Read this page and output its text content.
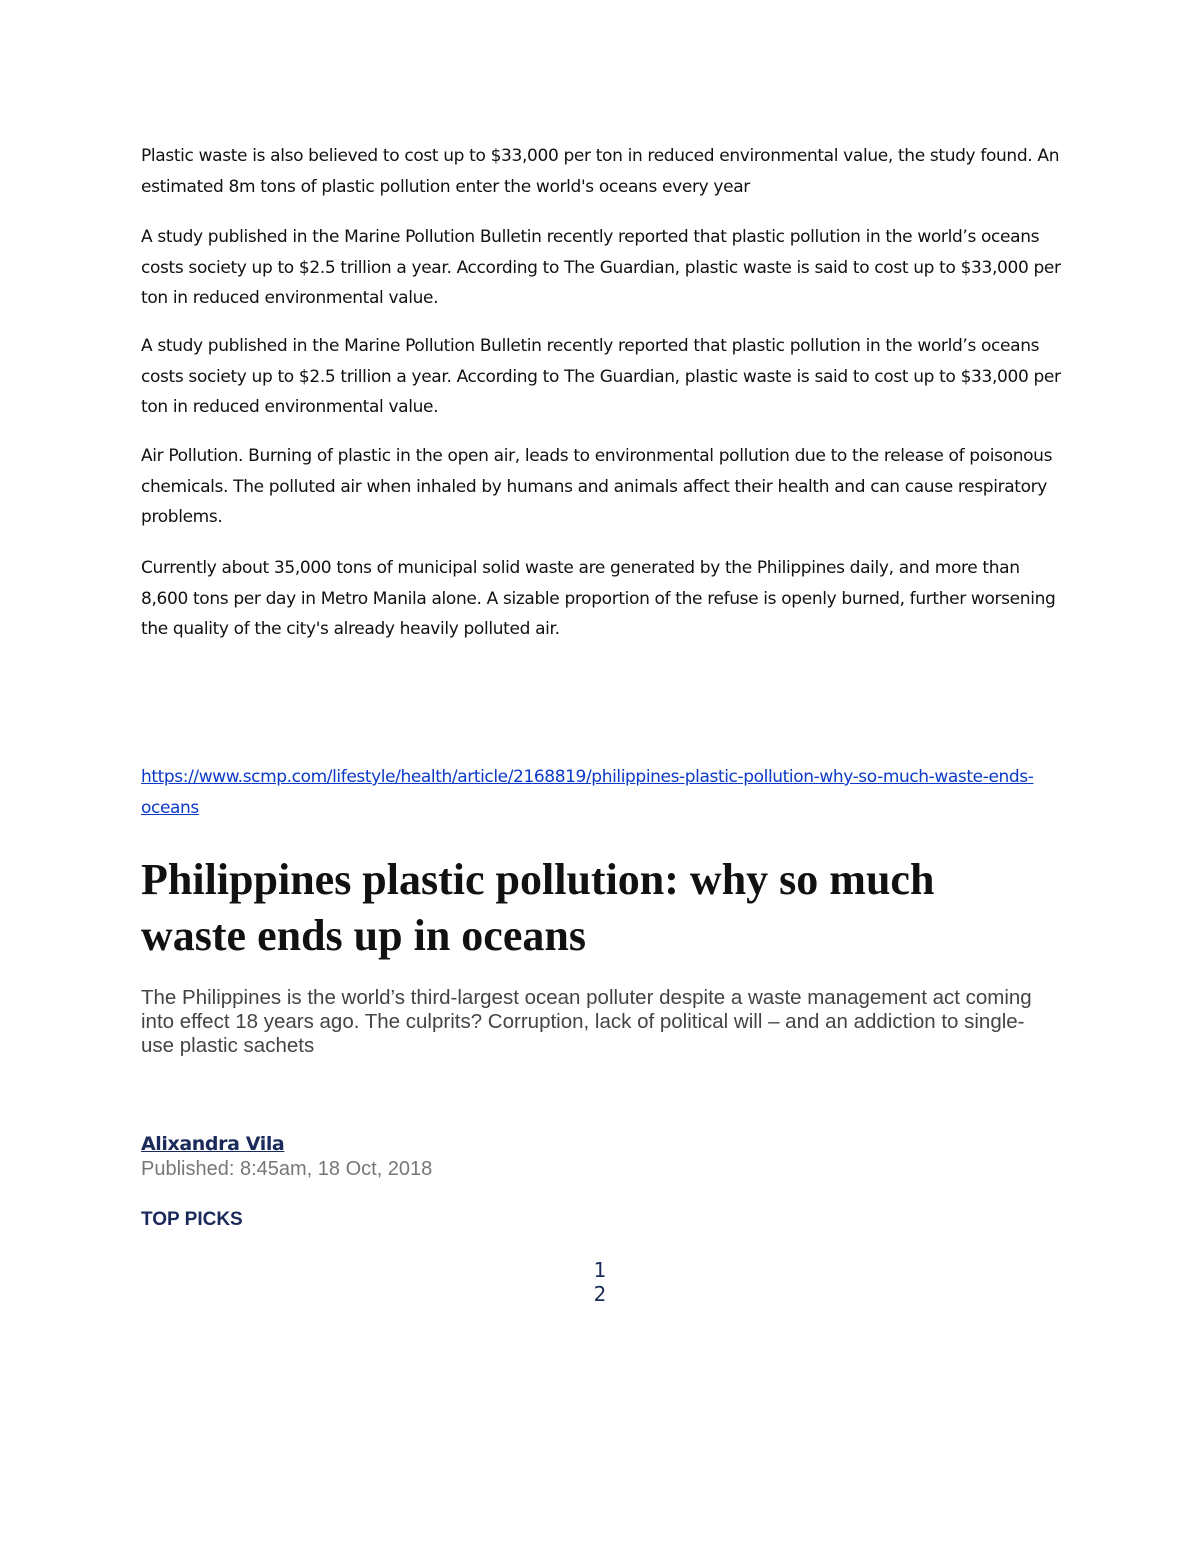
Plastic waste is also believed to cost up to $33,000 per ton in reduced environmental value, the study found. An estimated 8m tons of plastic pollution enter the world's oceans every year

A study published in the Marine Pollution Bulletin recently reported that plastic pollution in the world’s oceans costs society up to $2.5 trillion a year. According to The Guardian, plastic waste is said to cost up to $33,000 per ton in reduced environmental value.

A study published in the Marine Pollution Bulletin recently reported that plastic pollution in the world’s oceans costs society up to $2.5 trillion a year. According to The Guardian, plastic waste is said to cost up to $33,000 per ton in reduced environmental value.

Air Pollution. Burning of plastic in the open air, leads to environmental pollution due to the release of poisonous chemicals. The polluted air when inhaled by humans and animals affect their health and can cause respiratory problems.

Currently about 35,000 tons of municipal solid waste are generated by the Philippines daily, and more than 8,600 tons per day in Metro Manila alone. A sizable proportion of the refuse is openly burned, further worsening the quality of the city's already heavily polluted air.

https://www.scmp.com/lifestyle/health/article/2168819/philippines-plastic-pollution-why-so-much-waste-ends-oceans
Philippines plastic pollution: why so much waste ends up in oceans

The Philippines is the world’s third-largest ocean polluter despite a waste management act coming into effect 18 years ago. The culprits? Corruption, lack of political will – and an addiction to single-use plastic sachets

Alixandra Vila
Published: 8:45am, 18 Oct, 2018
TOP PICKS
1
2
